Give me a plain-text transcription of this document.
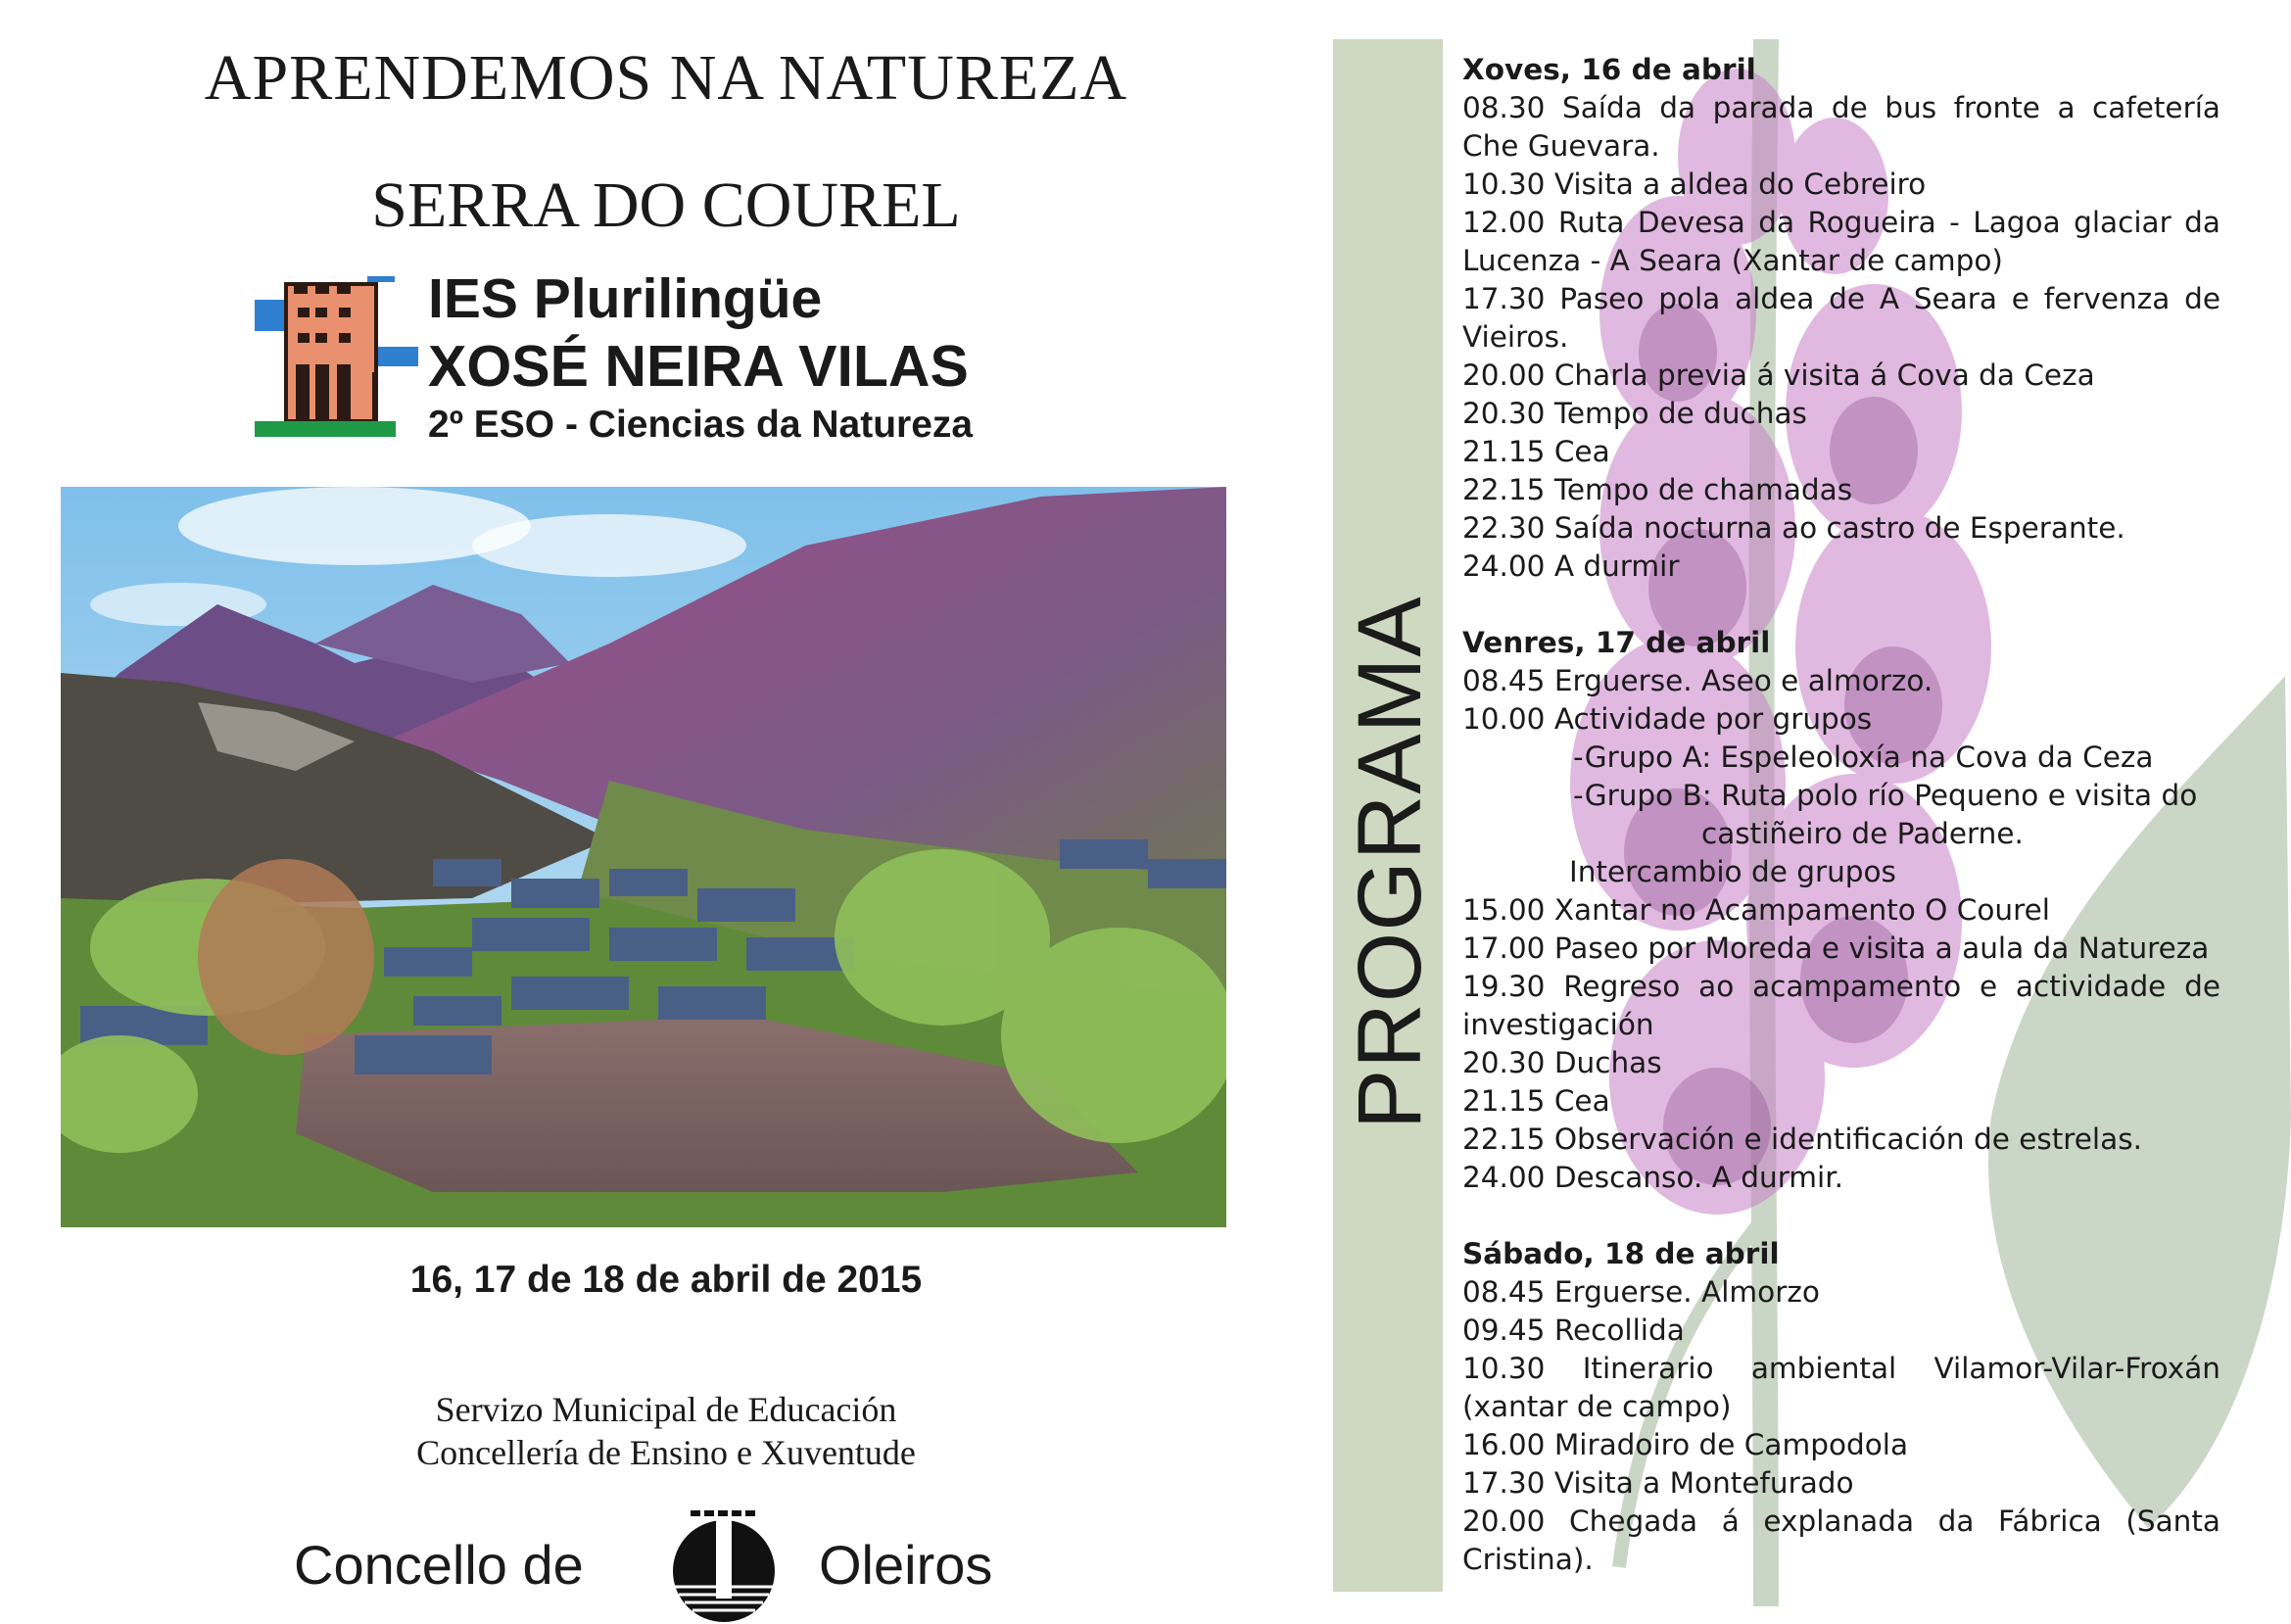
APRENDEMOS NA NATUREZA
SERRA DO COUREL
IES Plurilingüe
XOSÉ NEIRA VILAS
2º ESO - Ciencias da Natureza
16, 17 de 18 de abril de 2015
Servizo Municipal de Educación
Concellería de Ensino e Xuventude
Concello de	Oleiros
PROGRAMA
Xoves, 16 de abril
08.30 Saída da parada de bus fronte a cafetería Che Guevara.
10.30 Visita a aldea do Cebreiro
12.00 Ruta Devesa da Rogueira - Lagoa glaciar da Lucenza - A Seara (Xantar de campo)
17.30 Paseo pola aldea de A Seara e fervenza de Vieiros.
20.00 Charla previa á visita á Cova da Ceza
20.30 Tempo de duchas
21.15 Cea
22.15 Tempo de chamadas
22.30 Saída nocturna ao castro de Esperante.
24.00 A durmir
Venres, 17 de abril
08.45 Erguerse. Aseo e almorzo.
10.00 Actividade por grupos
-Grupo A: Espeleoloxía na Cova da Ceza
-Grupo B: Ruta polo río Pequeno e visita do
castiñeiro de Paderne.
Intercambio de grupos
15.00 Xantar no Acampamento O Courel
17.00 Paseo por Moreda e visita a aula da Natureza
19.30 Regreso ao acampamento e actividade de investigación
20.30 Duchas
21.15 Cea
22.15 Observación e identificación de estrelas.
24.00 Descanso. A durmir.
Sábado, 18 de abril
08.45 Erguerse. Almorzo
09.45 Recollida
10.30 Itinerario ambiental Vilamor-Vilar-Froxán (xantar de campo)
16.00 Miradoiro de Campodola
17.30 Visita a Montefurado
20.00 Chegada á explanada da Fábrica (Santa Cristina).
